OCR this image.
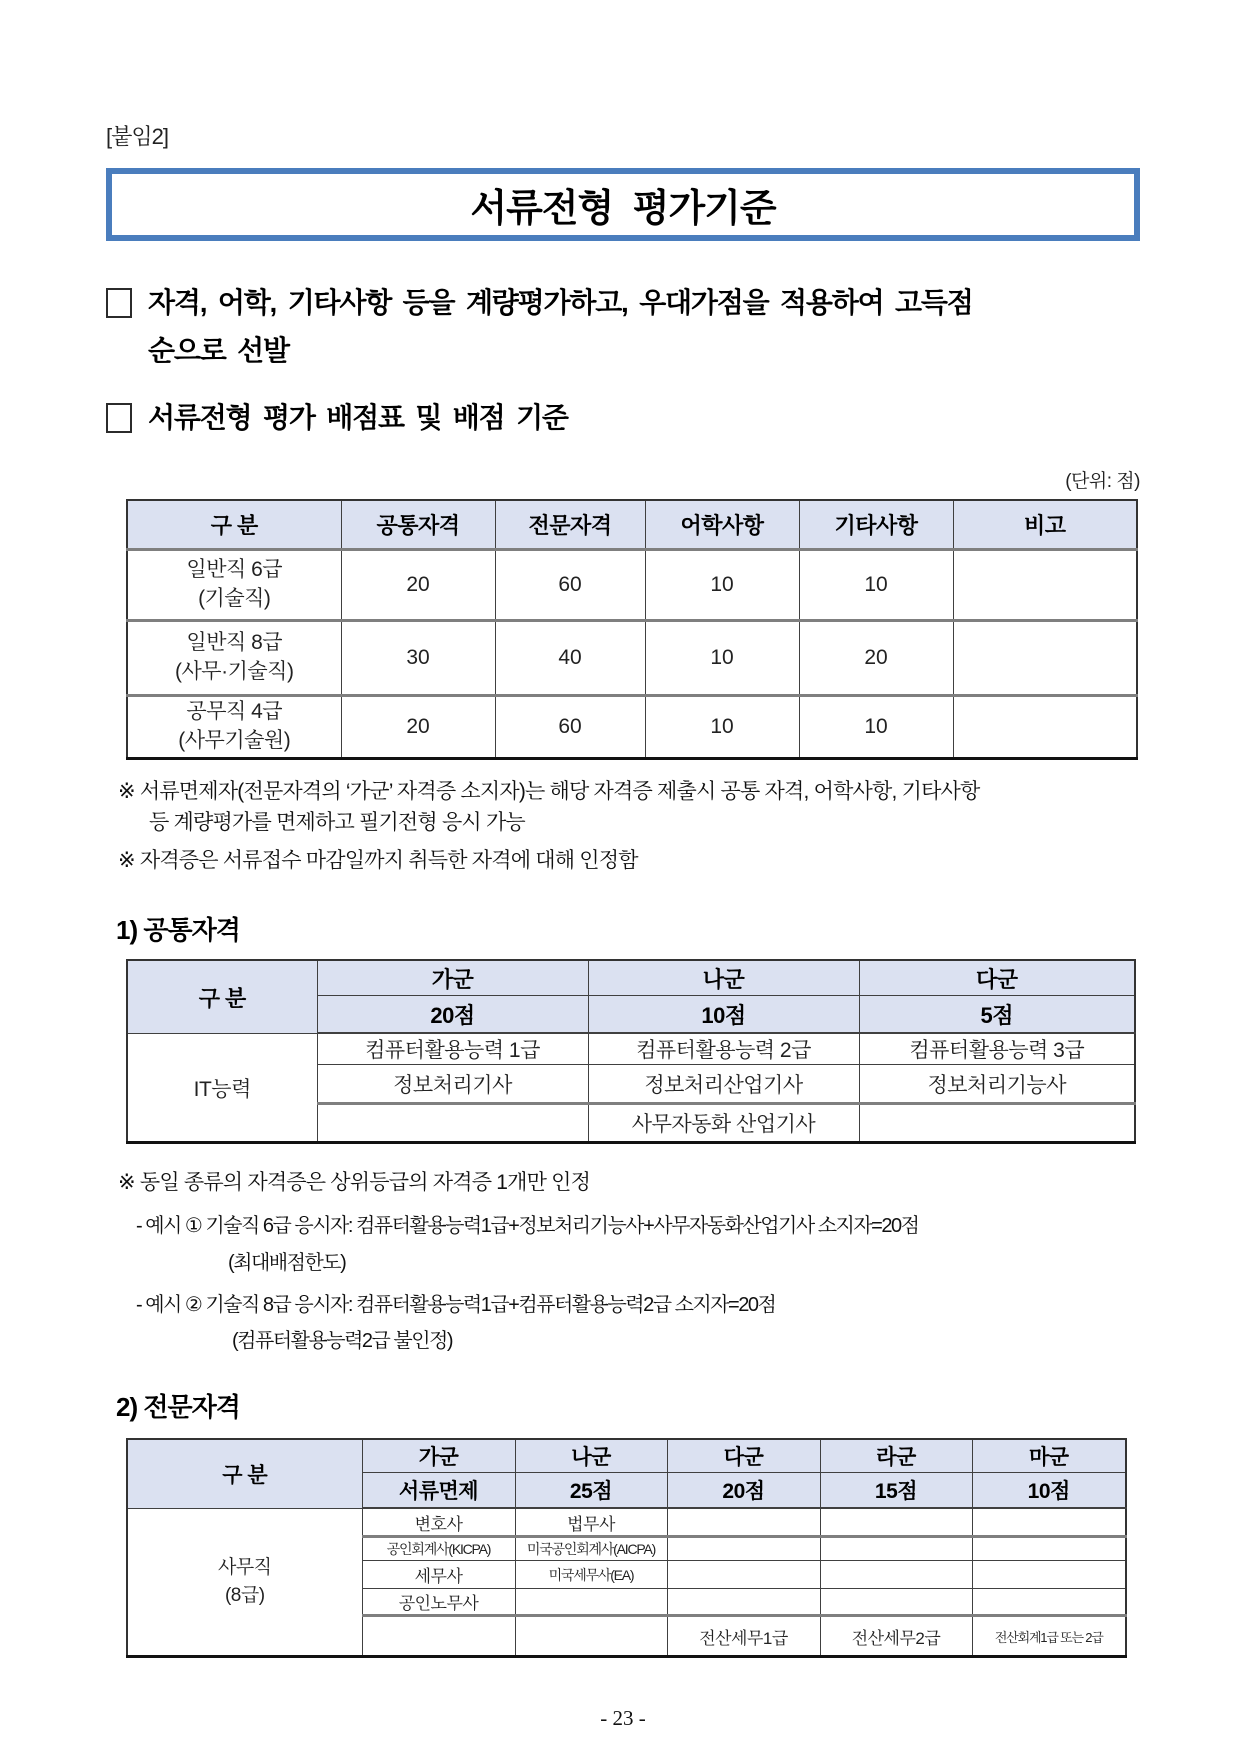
[붙임2]
서류전형 평가기준
자격, 어학, 기타사항 등을 계량평가하고, 우대가점을 적용하여 고득점
순으로 선발
서류전형 평가 배점표 및 배점 기준
(단위: 점)
구 분	공통자격	전문자격	어학사항	기타사항	비고

일반직 6급
(기술직)	20	60	10	10	

일반직 8급
(사무·기술직)	30	40	10	20	

공무직 4급
(사무기술원)	20	60	10	10	
※ 서류면제자(전문자격의 ‘가군’ 자격증 소지자)는 해당 자격증 제출시 공통 자격, 어학사항, 기타사항
등 계량평가를 면제하고 필기전형 응시 가능
※ 자격증은 서류접수 마감일까지 취득한 자격에 대해 인정함
1) 공통자격
구 분	가군	나군	다군
	20점	10점	5점
IT능력	컴퓨터활용능력 1급	컴퓨터활용능력 2급	컴퓨터활용능력 3급
	정보처리기사	정보처리산업기사	정보처리기능사
		사무자동화 산업기사	
※ 동일 종류의 자격증은 상위등급의 자격증 1개만 인정
- 예시 ① 기술직 6급 응시자: 컴퓨터활용능력1급+정보처리기능사+사무자동화산업기사 소지자=20점
(최대배점한도)
- 예시 ② 기술직 8급 응시자: 컴퓨터활용능력1급+컴퓨터활용능력2급 소지자=20점
(컴퓨터활용능력2급 불인정)
2) 전문자격
구 분	가군	나군	다군	라군	마군
	서류면제	25점	20점	15점	10점

사무직
(8급)	변호사	법무사			
	공인회계사(KICPA)	미국공인회계사(AICPA)			
	세무사	미국세무사(EA)			
	공인노무사				
			전산세무1급	전산세무2급	전산회계1급 또는 2급
- 23 -
